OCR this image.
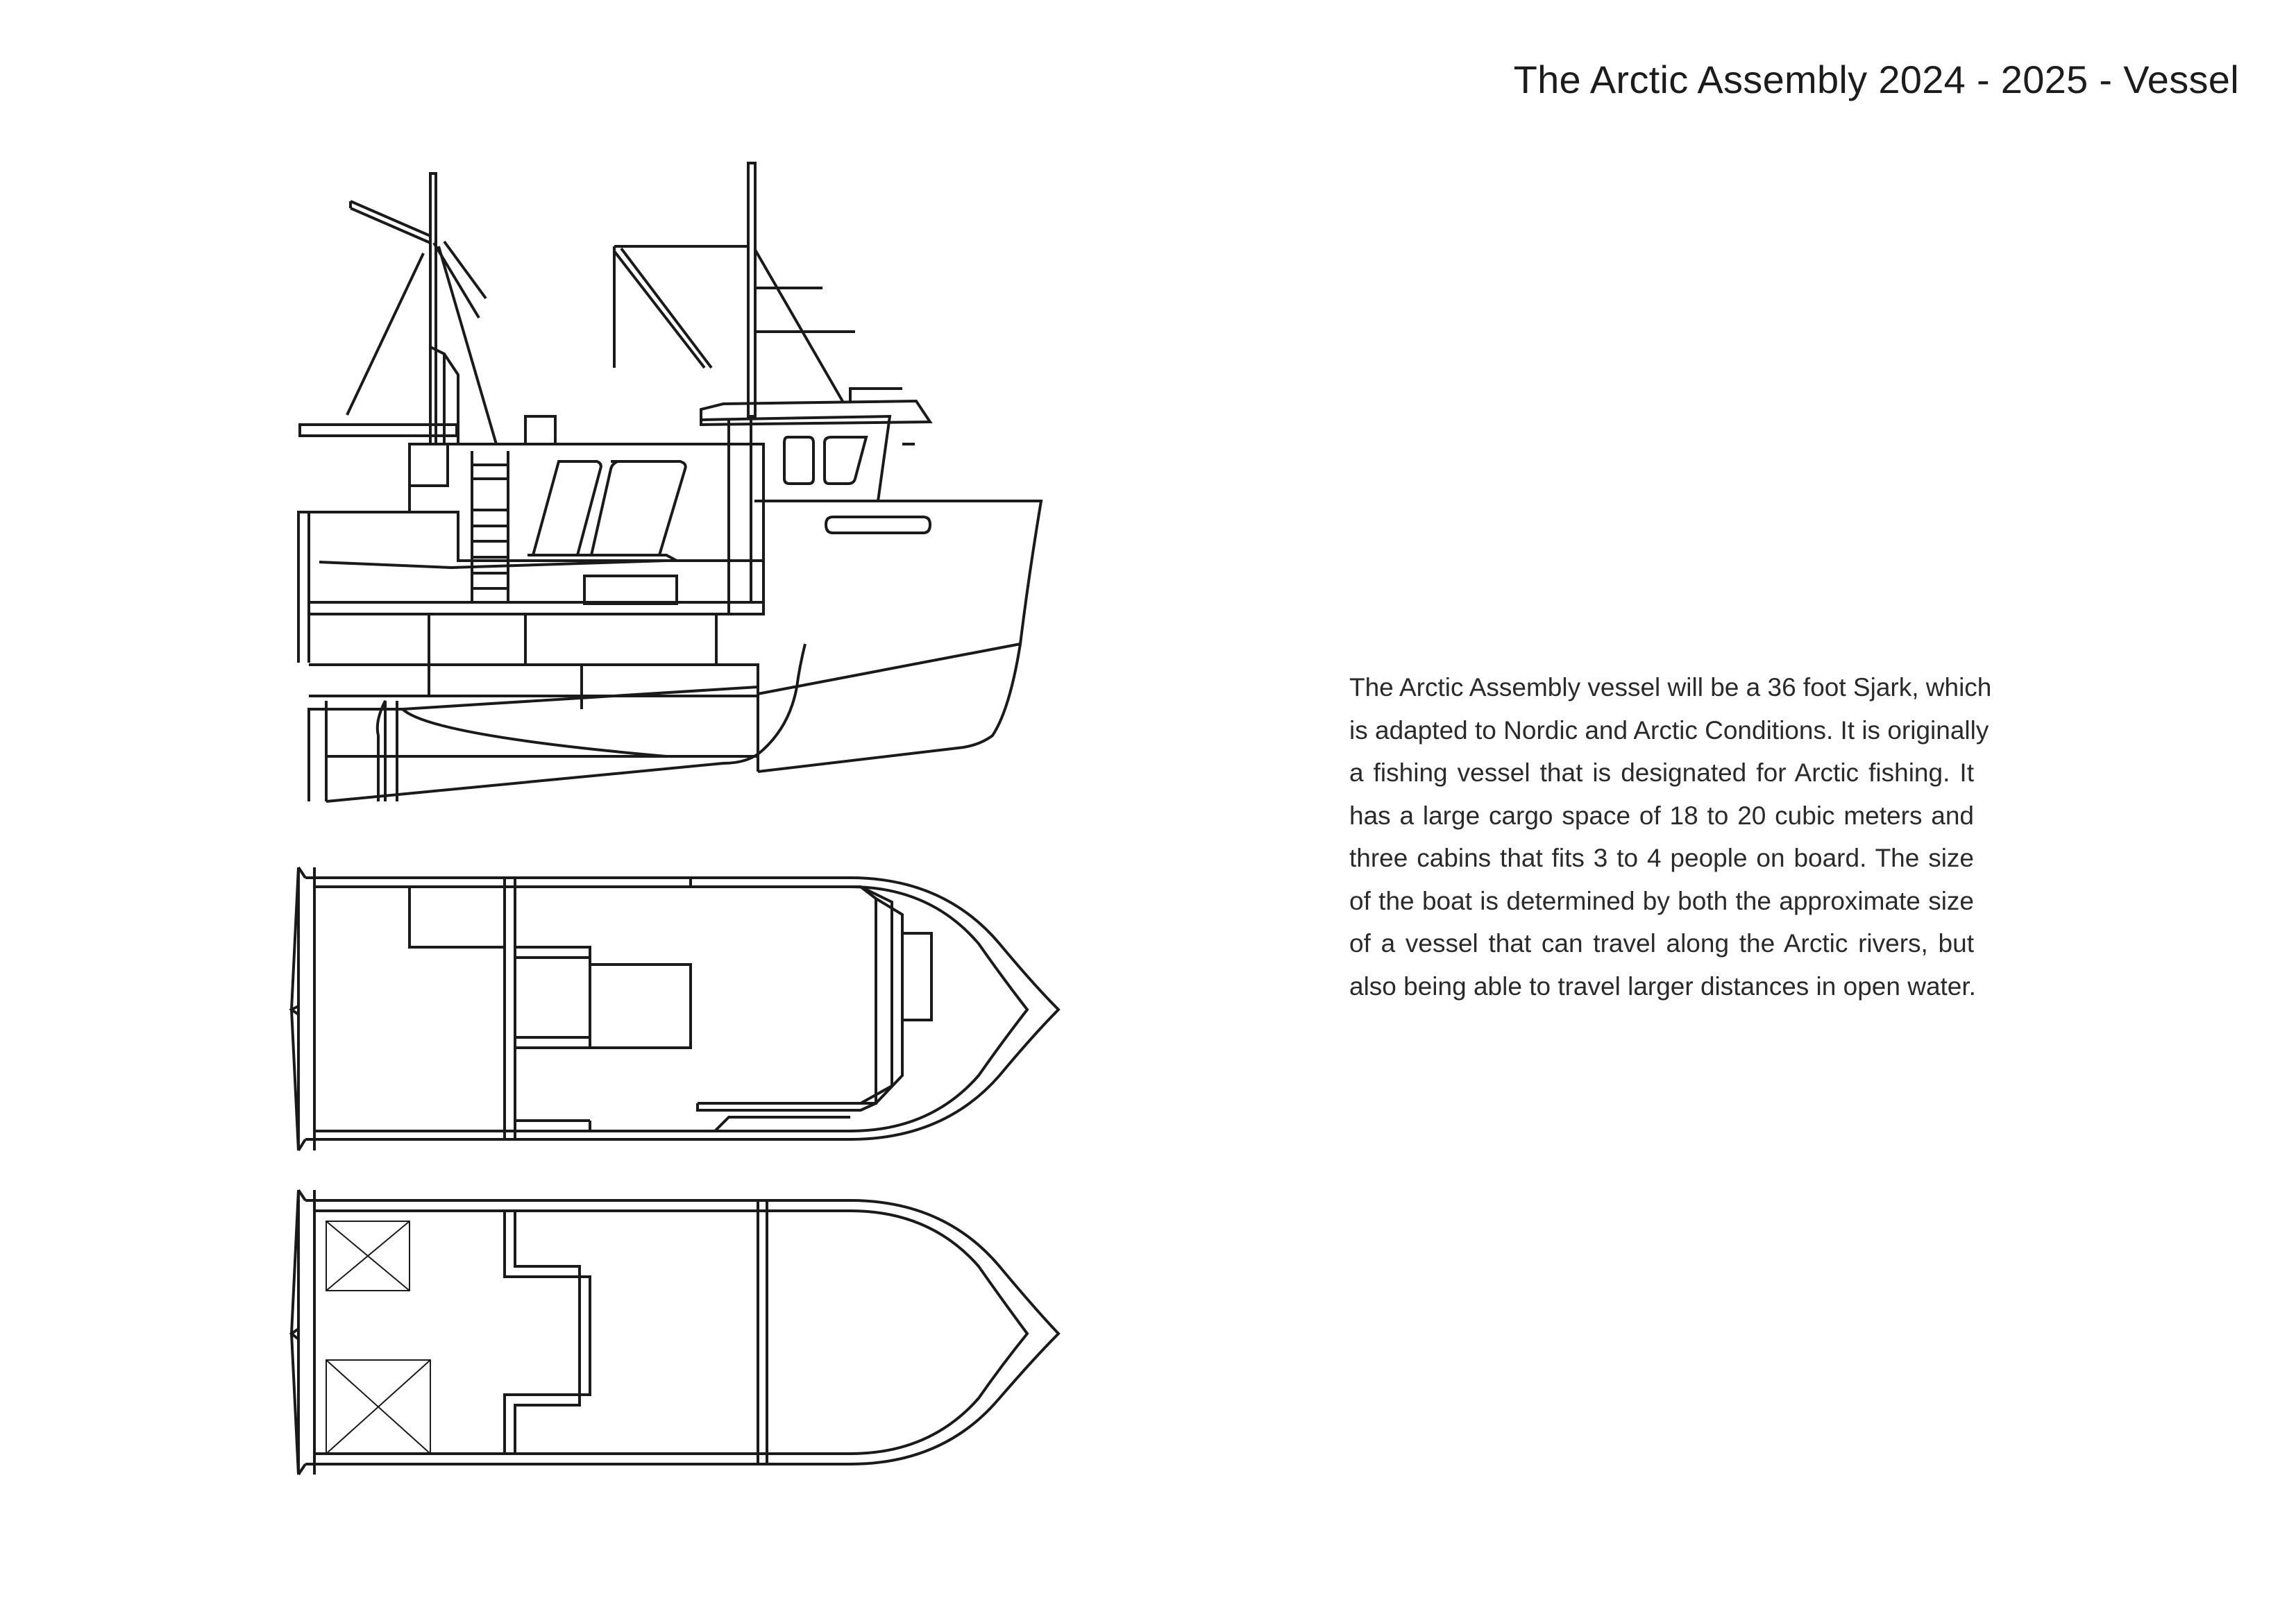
The Arctic Assembly 2024 - 2025 - Vessel
The Arctic Assembly vessel will be a 36 foot Sjark, which
is adapted to Nordic and Arctic Conditions. It is originally
a fishing vessel that is designated for Arctic fishing. It
has a large cargo space of 18 to 20 cubic meters and
three cabins that fits 3 to 4 people on board. The size
of the boat is determined by both the approximate size
of a vessel that can travel along the Arctic rivers, but
also being able to travel larger distances in open water.
